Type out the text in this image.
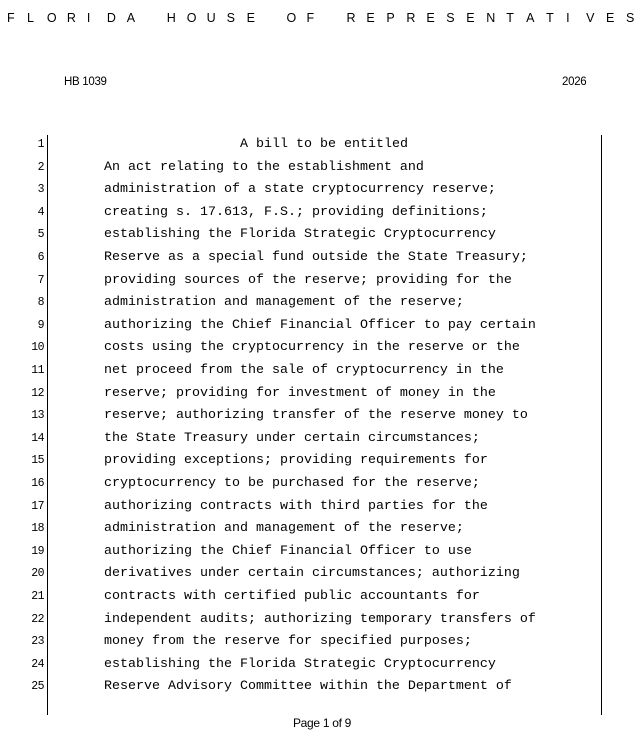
F L O R I D A	H O U S E	O F	R E P R E S E N T A T I V E S
HB 1039	2026
1	A bill to be entitled
2	An act relating to the establishment and
3	administration of a state cryptocurrency reserve;
4	creating s. 17.613, F.S.; providing definitions;
5	establishing the Florida Strategic Cryptocurrency
6	Reserve as a special fund outside the State Treasury;
7	providing sources of the reserve; providing for the
8	administration and management of the reserve;
9	authorizing the Chief Financial Officer to pay certain
10	costs using the cryptocurrency in the reserve or the
11	net proceed from the sale of cryptocurrency in the
12	reserve; providing for investment of money in the
13	reserve; authorizing transfer of the reserve money to
14	the State Treasury under certain circumstances;
15	providing exceptions; providing requirements for
16	cryptocurrency to be purchased for the reserve;
17	authorizing contracts with third parties for the
18	administration and management of the reserve;
19	authorizing the Chief Financial Officer to use
20	derivatives under certain circumstances; authorizing
21	contracts with certified public accountants for
22	independent audits; authorizing temporary transfers of
23	money from the reserve for specified purposes;
24	establishing the Florida Strategic Cryptocurrency
25	Reserve Advisory Committee within the Department of
Page 1 of 9
